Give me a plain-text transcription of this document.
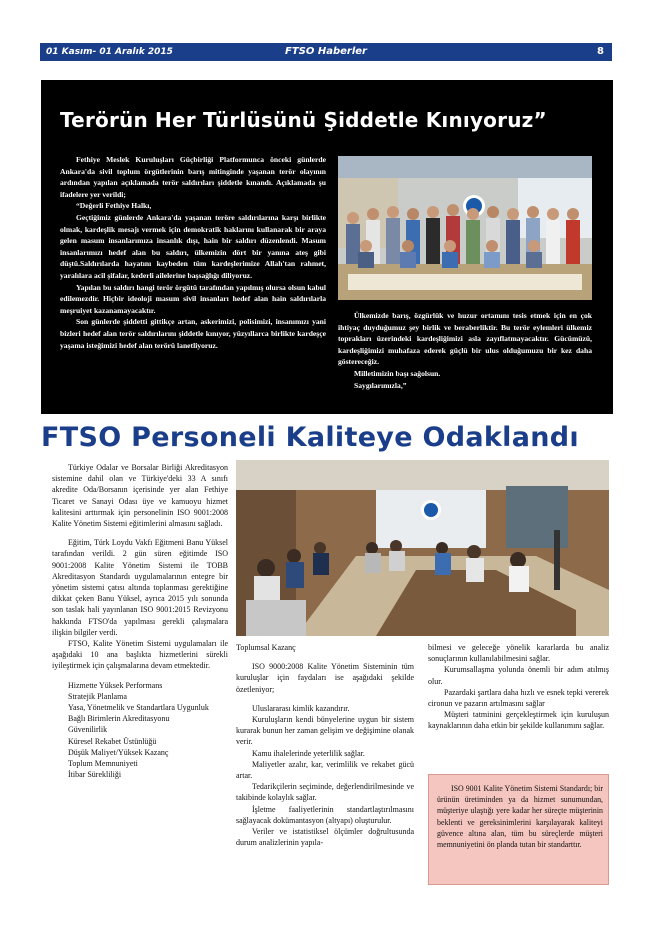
01 Kasım- 01 Aralık 2015	FTSO Haberler	8
Terörün Her Türlüsünü Şiddetle Kınıyoruz”

Fethiye Meslek Kuruluşları Güçbirliği Platformunca önceki günlerde Ankara'da sivil toplum örgütlerinin barış mitinginde yaşanan terör olayının ardından yapılan açıklamada terör saldırıları şiddetle kınandı. Açıklamada şu ifadelere yer verildi;

“Değerli Fethiye Halkı,

Geçtiğimiz günlerde Ankara'da yaşanan teröre saldırılarına karşı birlikte olmak, kardeşlik mesajı vermek için demokratik haklarını kullanarak bir araya gelen masum insanlarımıza insanlık dışı, hain bir saldırı düzenlendi. Masum insanlarımızı hedef alan bu saldırı, ülkemizin dört bir yanına ateş gibi düştü.Saldırılarda hayatını kaybeden tüm kardeşlerimize Allah'tan rahmet, yaralılara acil şifalar, kederli ailelerine başsağlığı diliyoruz.

Yapılan bu saldırı hangi terör örgütü tarafından yapılmış olursa olsun kabul edilemezdir. Hiçbir ideoloji masum sivil insanları hedef alan hain saldırılarla meşruiyet kazanamayacaktır.

Son günlerde şiddetti gittikçe artan, askerimizi, polisimizi, insanımızı yani bizleri hedef alan terör saldırılarını şiddetle kınıyor, yüzyıllarca birlikte kardeşçe yaşama isteğimizi hedef alan terörü lanetliyoruz.

Ülkemizde barış, özgürlük ve huzur ortamını tesis etmek için en çok ihtiyaç duyduğumuz şey birlik ve beraberliktir. Bu terör eylemleri ülkemiz toprakları üzerindeki kardeşliğimizi asla zayıflatmayacaktır. Gücümüzü, kardeşliğimizi muhafaza ederek güçlü bir ulus olduğumuzu bir kez daha göstereceğiz.

Milletimizin başı sağolsun.

Saygılarımızla,”

FTSO Personeli Kaliteye Odaklandı

Türkiye Odalar ve Borsalar Birliği Akreditasyon sistemine dahil olan ve Türkiye'deki 33 A sınıfı akredite Oda/Borsanın içerisinde yer alan Fethiye Ticaret ve Sanayi Odası üye ve kamuoyu hizmet kalitesini arttırmak için personelinin ISO 9001:2008 Kalite Yönetim Sistemi eğitimlerini almasını sağladı.

Eğitim, Türk Loydu Vakfı Eğitmeni Banu Yüksel tarafından verildi. 2 gün süren eğitimde ISO 9001:2008 Kalite Yönetim Sistemi ile TOBB Akreditasyon Standardı uygulamalarının entegre bir yönetim sistemi çatısı altında toplanması gerektiğine dikkat çeken Banu Yüksel, ayrıca 2015 yılı sonunda son taslak hali yayınlanan ISO 9001:2015 Revizyonu hakkında FTSO'da yapılması gerekli çalışmalara ilişkin bilgiler verdi.

FTSO, Kalite Yönetim Sistemi uygulamaları ile aşağıdaki 10 ana başlıkta hizmetlerini sürekli iyileştirmek için çalışmalarına devam etmektedir.

Hizmette Yüksek Performans

Stratejik Planlama

Yasa, Yönetmelik ve Standartlara Uygunluk

Bağlı Birimlerin Akreditasyonu

Güvenilirlik

Küresel Rekabet Üstünlüğü

Düşük Maliyet/Yüksek Kazanç

Toplum Memnuniyeti

İtibar Sürekliliği

Toplumsal Kazanç

ISO 9000:2008 Kalite Yönetim Sisteminin tüm kuruluşlar için faydaları ise aşağıdaki şekilde özetleniyor;

Uluslararası kimlik kazandırır.

Kuruluşların kendi bünyelerine uygun bir sistem kurarak bunun her zaman gelişim ve değişimine olanak verir.

Kamu ihalelerinde yeterlilik sağlar.

Maliyetler azalır, kar, verimlilik ve rekabet gücü artar.

Tedarikçilerin seçiminde, değerlendirilmesinde ve takibinde kolaylık sağlar.

İşletme faaliyetlerinin standartlaştırılmasını sağlayacak dokümantasyon (altyapı) oluşturulur.

Veriler ve istatistiksel ölçümler doğrultusunda durum analizlerinin yapıla-

bilmesi ve geleceğe yönelik kararlarda bu analiz sonuçlarının kullanılabilmesini sağlar.

Kurumsallaşma yolunda önemli bir adım atılmış olur.

Pazardaki şartlara daha hızlı ve esnek tepki vererek cironun ve pazarın artılmasını sağlar

Müşteri tatminini gerçekleştirmek için kuruluşun kaynaklarının daha etkin bir şekilde kullanımını sağlar.

ISO 9001 Kalite Yönetim Sistemi Standardı; bir ürünün üretiminden ya da hizmet sunumundan, müşteriye ulaştığı yere kadar her süreçte müşterinin beklenti ve gereksinimlerini karşılayarak kaliteyi güvence altına alan, tüm bu süreçlerde müşteri memnuniyetini ön planda tutan bir standarttır.
